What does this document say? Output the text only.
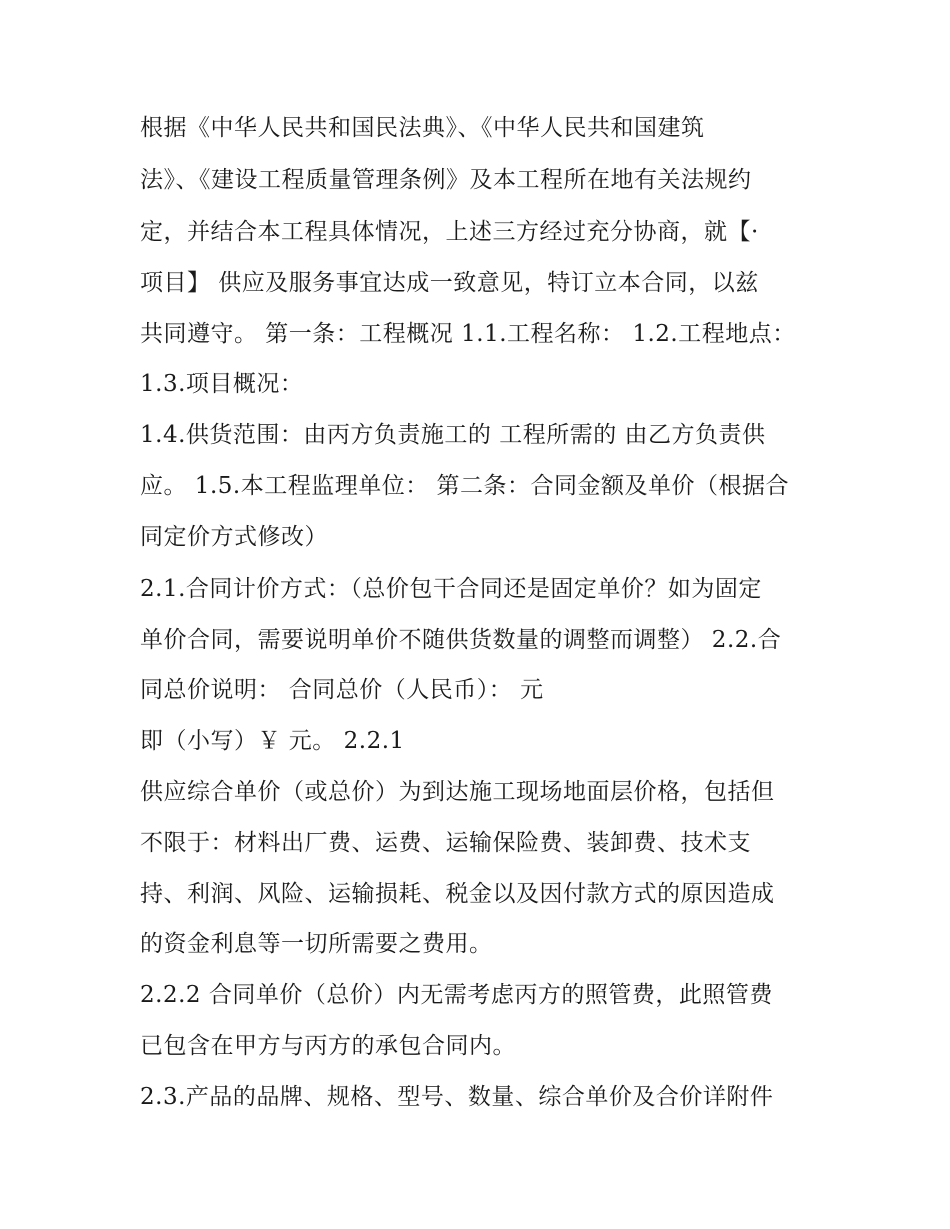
根据《中华人民共和国民法典》、《中华人民共和国建筑
法》、《建设工程质量管理条例》及本工程所在地有关法规约
定，并结合本工程具体情况，上述三方经过充分协商，就【·
项目】 供应及服务事宜达成一致意见，特订立本合同，以兹
共同遵守。 第一条：工程概况 1.1.工程名称： 1.2.工程地点：
1.3.项目概况：
1.4.供货范围：由丙方负责施工的 工程所需的 由乙方负责供
应。 1.5.本工程监理单位： 第二条：合同金额及单价（根据合
同定价方式修改）
2.1.合同计价方式：（总价包干合同还是固定单价？如为固定
单价合同，需要说明单价不随供货数量的调整而调整） 2.2.合
同总价说明： 合同总价（人民币）： 元
即（小写）￥ 元。 2.2.1
供应综合单价（或总价）为到达施工现场地面层价格，包括但
不限于：材料出厂费、运费、运输保险费、装卸费、技术支
持、利润、风险、运输损耗、税金以及因付款方式的原因造成
的资金利息等一切所需要之费用。
2.2.2 合同单价（总价）内无需考虑丙方的照管费，此照管费
已包含在甲方与丙方的承包合同内。
2.3.产品的品牌、规格、型号、数量、综合单价及合价详附件
